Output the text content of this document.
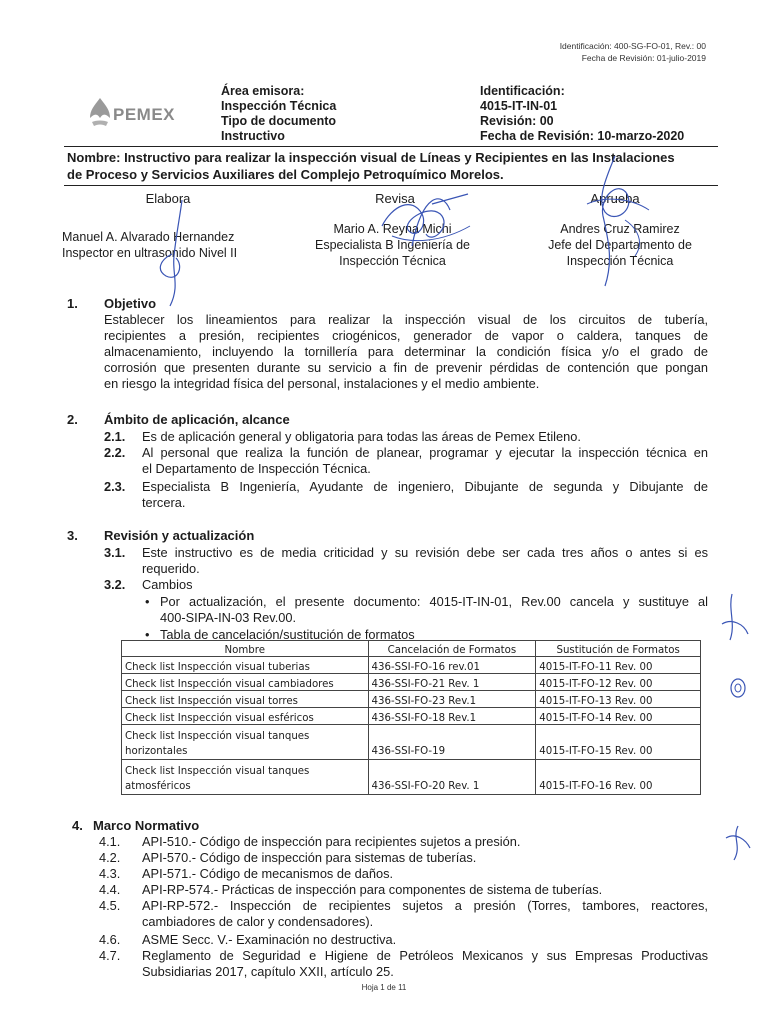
Identificación: 400-SG-FO-01, Rev.: 00
Fecha de Revisión: 01-julio-2019
PEMEX
Área emisora:
Inspección Técnica
Tipo de documento
Instructivo
Identificación:
4015-IT-IN-01
Revisión: 00
Fecha de Revisión: 10-marzo-2020
Nombre: Instructivo para realizar la inspección visual de Líneas y Recipientes en las Instalaciones
de Proceso y Servicios Auxiliares del Complejo Petroquímico Morelos.
Elabora	Revisa	Aprueba
Manuel A. Alvarado Hernandez
Inspector en ultrasonido Nivel II
Mario A. Reyna Michi
Especialista B Ingeniería de
Inspección Técnica
Andres Cruz Ramirez
Jefe del Departamento de
Inspección Técnica
1. Objetivo
Establecer los lineamientos para realizar la inspección visual de los circuitos de tubería,
recipientes a presión, recipientes criogénicos, generador de vapor o caldera, tanques de
almacenamiento, incluyendo la tornillería para determinar la condición física y/o el grado de
corrosión que presenten durante su servicio a fin de prevenir pérdidas de contención que pongan
en riesgo la integridad física del personal, instalaciones y el medio ambiente.
2. Ámbito de aplicación, alcance
2.1. Es de aplicación general y obligatoria para todas las áreas de Pemex Etileno.
2.2. Al personal que realiza la función de planear, programar y ejecutar la inspección técnica en
el Departamento de Inspección Técnica.
2.3. Especialista B Ingeniería, Ayudante de ingeniero, Dibujante de segunda y Dibujante de
tercera.
3. Revisión y actualización
3.1. Este instructivo es de media criticidad y su revisión debe ser cada tres años o antes si es
requerido.
3.2. Cambios
• Por actualización, el presente documento: 4015-IT-IN-01, Rev.00 cancela y sustituye al
400-SIPA-IN-03 Rev.00.
• Tabla de cancelación/sustitución de formatos
Nombre	Cancelación de Formatos	Sustitución de Formatos
Check list Inspección visual tuberias	436-SSI-FO-16 rev.01	4015-IT-FO-11 Rev. 00
Check list Inspección visual cambiadores	436-SSI-FO-21 Rev. 1	4015-IT-FO-12 Rev. 00
Check list Inspección visual torres	436-SSI-FO-23 Rev.1	4015-IT-FO-13 Rev. 00
Check list Inspección visual esféricos	436-SSI-FO-18 Rev.1	4015-IT-FO-14 Rev. 00

Check list Inspección visual tanques
horizontales	436-SSI-FO-19	4015-IT-FO-15 Rev. 00

Check list Inspección visual tanques
atmosféricos	436-SSI-FO-20 Rev. 1	4015-IT-FO-16 Rev. 00
4. Marco Normativo
4.1. API-510.- Código de inspección para recipientes sujetos a presión.
4.2. API-570.- Código de inspección para sistemas de tuberías.
4.3. API-571.- Código de mecanismos de daños.
4.4. API-RP-574.- Prácticas de inspección para componentes de sistema de tuberías.
4.5. API-RP-572.- Inspección de recipientes sujetos a presión (Torres, tambores, reactores,
cambiadores de calor y condensadores).
4.6. ASME Secc. V.- Examinación no destructiva.
4.7. Reglamento de Seguridad e Higiene de Petróleos Mexicanos y sus Empresas Productivas
Subsidiarias 2017, capítulo XXII, artículo 25.
Hoja 1 de 11
